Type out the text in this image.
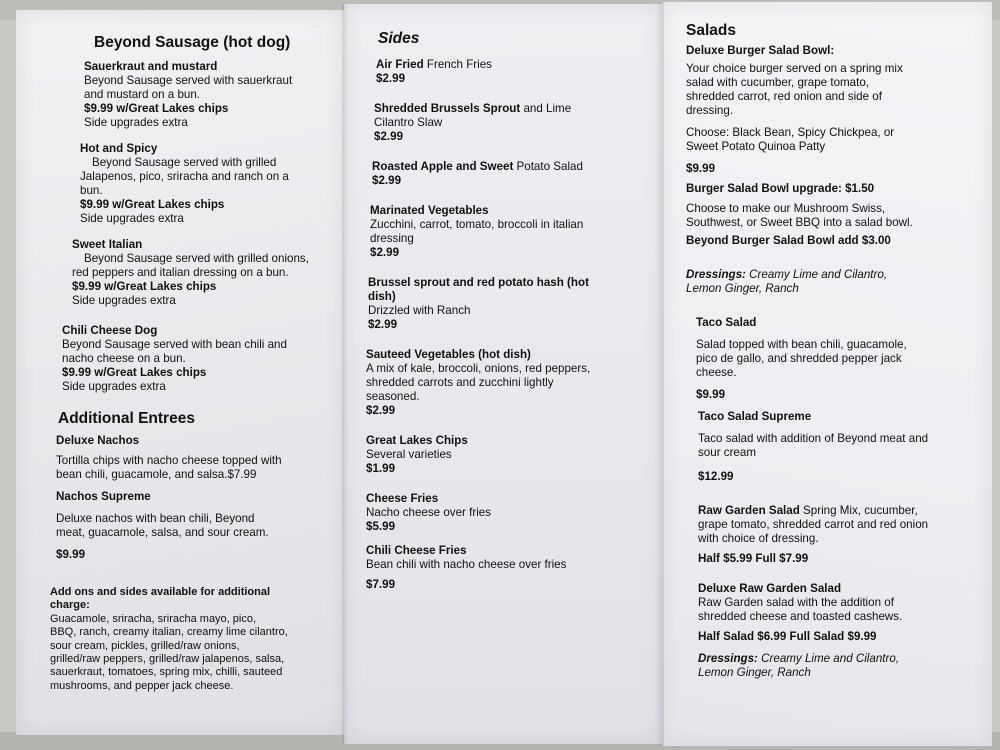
Beyond Sausage (hot dog)
Sauerkraut and mustard
Beyond Sausage served with sauerkraut
and mustard on a bun.
$9.99 w/Great Lakes chips
Side upgrades extra
Hot and Spicy
Beyond Sausage served with grilled
Jalapenos, pico, sriracha and ranch on a
bun.
$9.99 w/Great Lakes chips
Side upgrades extra
Sweet Italian
Beyond Sausage served with grilled onions,
red peppers and italian dressing on a bun.
$9.99 w/Great Lakes chips
Side upgrades extra
Chili Cheese Dog
Beyond Sausage served with bean chili and
nacho cheese on a bun.
$9.99 w/Great Lakes chips
Side upgrades extra
Additional Entrees
Deluxe Nachos
Tortilla chips with nacho cheese topped with
bean chili, guacamole, and salsa.$7.99
Nachos Supreme
Deluxe nachos with bean chili, Beyond
meat, guacamole, salsa, and sour cream.
$9.99
Add ons and sides available for additional
charge:
Guacamole, sriracha, sriracha mayo, pico,
BBQ, ranch, creamy italian, creamy lime cilantro,
sour cream, pickles, grilled/raw onions,
grilled/raw peppers, grilled/raw jalapenos, salsa,
sauerkraut, tomatoes, spring mix, chilli, sauteed
mushrooms, and pepper jack cheese.
Sides
Air Fried French Fries
$2.99
Shredded Brussels Sprout and Lime
Cilantro Slaw
$2.99
Roasted Apple and Sweet Potato Salad
$2.99
Marinated Vegetables
Zucchini, carrot, tomato, broccoli in italian
dressing
$2.99
Brussel sprout and red potato hash (hot
dish)
Drizzled with Ranch
$2.99
Sauteed Vegetables (hot dish)
A mix of kale, broccoli, onions, red peppers,
shredded carrots and zucchini lightly
seasoned.
$2.99
Great Lakes Chips
Several varieties
$1.99
Cheese Fries
Nacho cheese over fries
$5.99
Chili Cheese Fries
Bean chili with nacho cheese over fries
$7.99
Salads
Deluxe Burger Salad Bowl:
Your choice burger served on a spring mix
salad with cucumber, grape tomato,
shredded carrot, red onion and side of
dressing.
Choose: Black Bean, Spicy Chickpea, or
Sweet Potato Quinoa Patty
$9.99
Burger Salad Bowl upgrade: $1.50
Choose to make our Mushroom Swiss,
Southwest, or Sweet BBQ into a salad bowl.
Beyond Burger Salad Bowl add $3.00
Dressings: Creamy Lime and Cilantro,
Lemon Ginger, Ranch
Taco Salad
Salad topped with bean chili, guacamole,
pico de gallo, and shredded pepper jack
cheese.
$9.99
Taco Salad Supreme
Taco salad with addition of Beyond meat and
sour cream
$12.99
Raw Garden Salad Spring Mix, cucumber,
grape tomato, shredded carrot and red onion
with choice of dressing.
Half $5.99 Full $7.99
Deluxe Raw Garden Salad
Raw Garden salad with the addition of
shredded cheese and toasted cashews.
Half Salad $6.99 Full Salad $9.99
Dressings: Creamy Lime and Cilantro,
Lemon Ginger, Ranch
